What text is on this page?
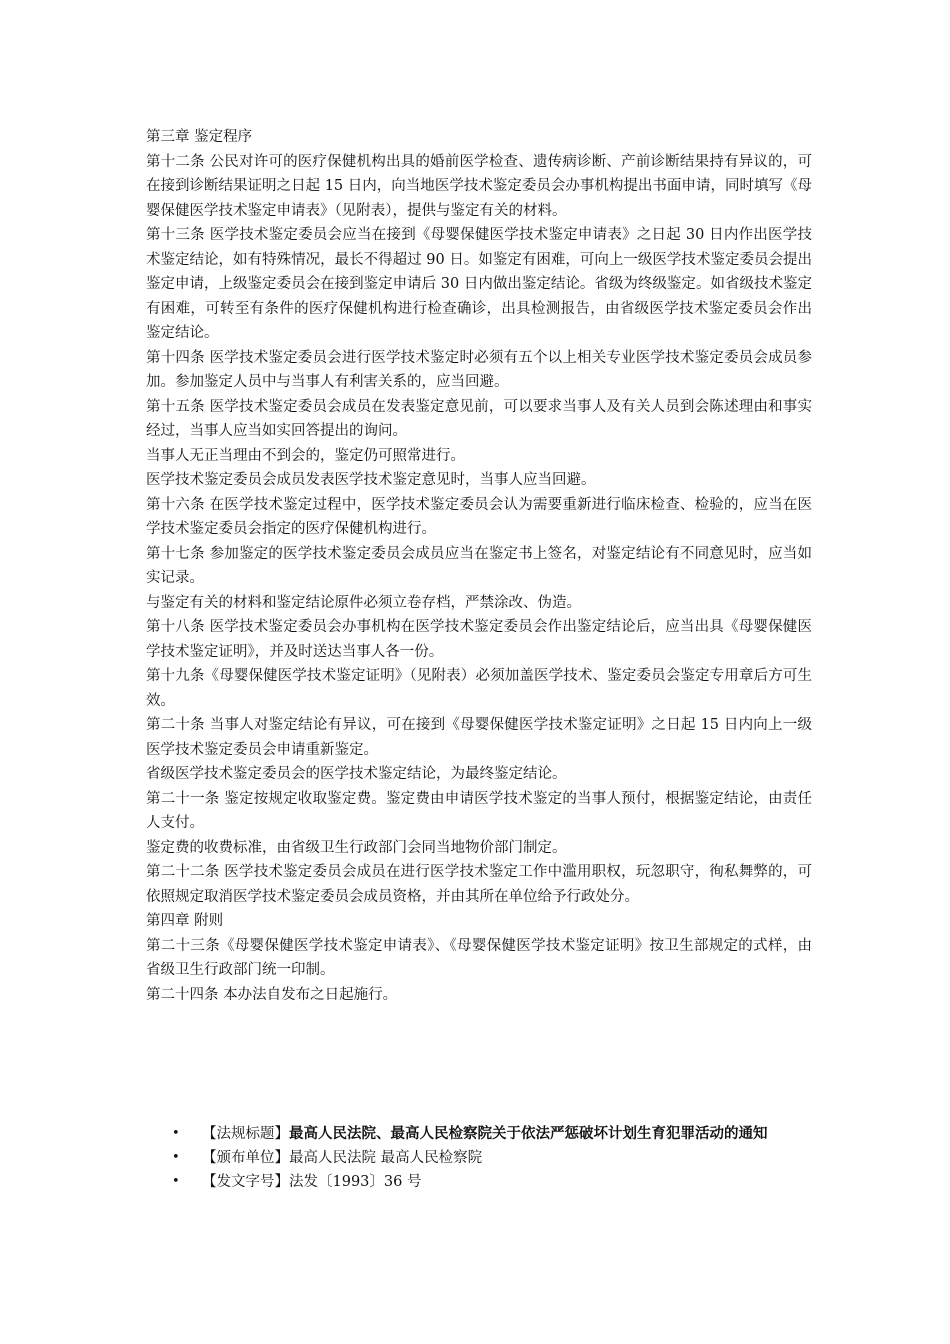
第三章 鉴定程序

第十二条 公民对许可的医疗保健机构出具的婚前医学检查、遗传病诊断、产前诊断结果持有异议的，可在接到诊断结果证明之日起 15 日内，向当地医学技术鉴定委员会办事机构提出书面申请，同时填写《母婴保健医学技术鉴定申请表》（见附表），提供与鉴定有关的材料。

第十三条 医学技术鉴定委员会应当在接到《母婴保健医学技术鉴定申请表》之日起 30 日内作出医学技术鉴定结论，如有特殊情况，最长不得超过 90 日。如鉴定有困难，可向上一级医学技术鉴定委员会提出鉴定申请，上级鉴定委员会在接到鉴定申请后 30 日内做出鉴定结论。省级为终级鉴定。如省级技术鉴定有困难，可转至有条件的医疗保健机构进行检查确诊，出具检测报告，由省级医学技术鉴定委员会作出鉴定结论。

第十四条 医学技术鉴定委员会进行医学技术鉴定时必须有五个以上相关专业医学技术鉴定委员会成员参加。参加鉴定人员中与当事人有利害关系的，应当回避。

第十五条 医学技术鉴定委员会成员在发表鉴定意见前，可以要求当事人及有关人员到会陈述理由和事实经过，当事人应当如实回答提出的询问。

当事人无正当理由不到会的，鉴定仍可照常进行。

医学技术鉴定委员会成员发表医学技术鉴定意见时，当事人应当回避。

第十六条 在医学技术鉴定过程中，医学技术鉴定委员会认为需要重新进行临床检查、检验的，应当在医学技术鉴定委员会指定的医疗保健机构进行。

第十七条 参加鉴定的医学技术鉴定委员会成员应当在鉴定书上签名，对鉴定结论有不同意见时，应当如实记录。

与鉴定有关的材料和鉴定结论原件必须立卷存档，严禁涂改、伪造。

第十八条 医学技术鉴定委员会办事机构在医学技术鉴定委员会作出鉴定结论后，应当出具《母婴保健医学技术鉴定证明》，并及时送达当事人各一份。

第十九条《母婴保健医学技术鉴定证明》（见附表）必须加盖医学技术、鉴定委员会鉴定专用章后方可生效。

第二十条 当事人对鉴定结论有异议，可在接到《母婴保健医学技术鉴定证明》之日起 15 日内向上一级医学技术鉴定委员会申请重新鉴定。

省级医学技术鉴定委员会的医学技术鉴定结论，为最终鉴定结论。

第二十一条 鉴定按规定收取鉴定费。鉴定费由申请医学技术鉴定的当事人预付，根据鉴定结论，由责任人支付。

鉴定费的收费标准，由省级卫生行政部门会同当地物价部门制定。

第二十二条 医学技术鉴定委员会成员在进行医学技术鉴定工作中滥用职权，玩忽职守，徇私舞弊的，可依照规定取消医学技术鉴定委员会成员资格，并由其所在单位给予行政处分。

第四章 附则

第二十三条《母婴保健医学技术鉴定申请表》、《母婴保健医学技术鉴定证明》按卫生部规定的式样，由省级卫生行政部门统一印制。

第二十四条 本办法自发布之日起施行。

•	【法规标题】最高人民法院、最高人民检察院关于依法严惩破坏计划生育犯罪活动的通知
•	【颁布单位】最高人民法院 最高人民检察院
•	【发文字号】法发〔1993〕36 号
